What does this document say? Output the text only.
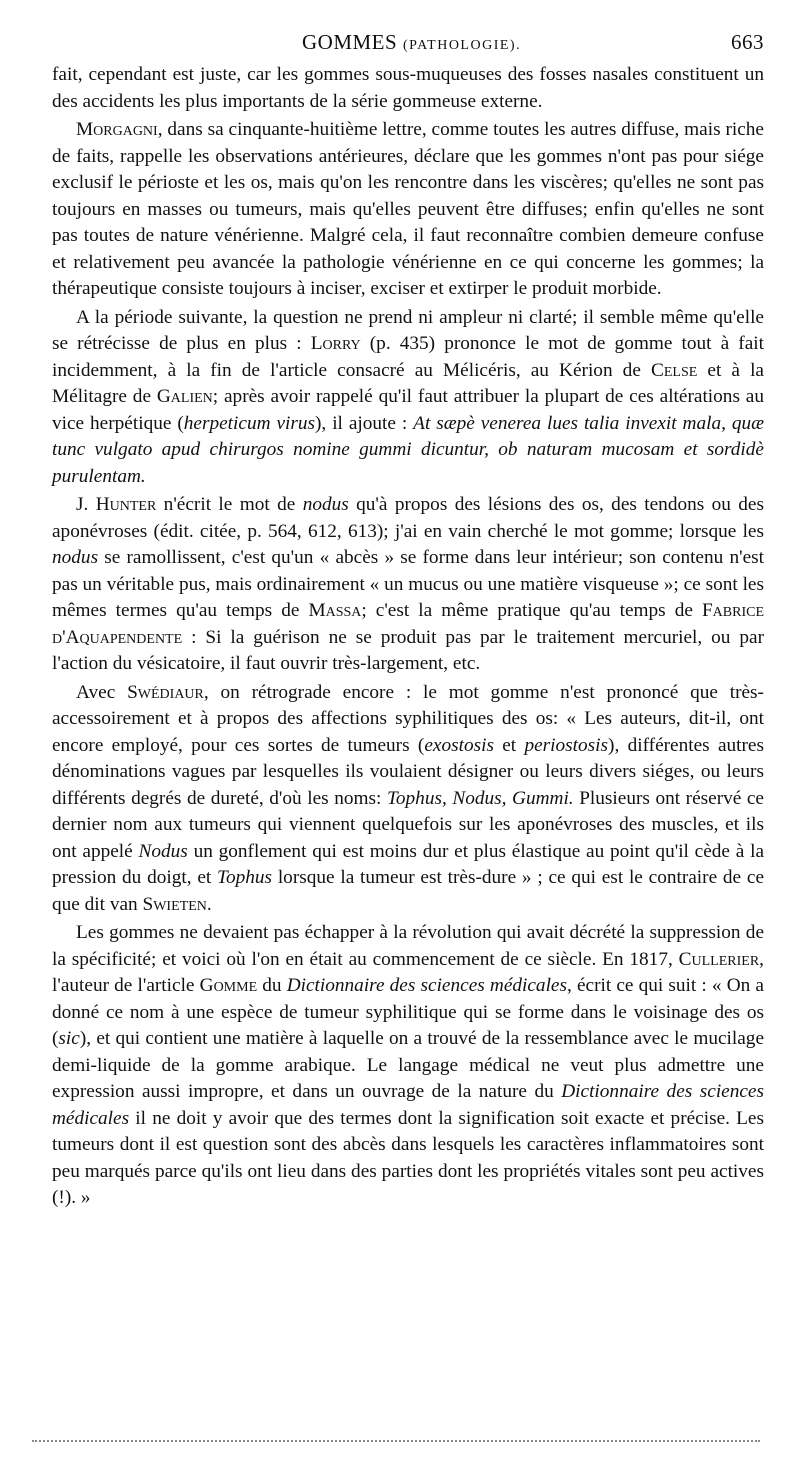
GOMMES (PATHOLOGIE).	663

fait, cependant est juste, car les gommes sous-muqueuses des fosses nasales constituent un des accidents les plus importants de la série gommeuse externe.

Morgagni, dans sa cinquante-huitième lettre, comme toutes les autres diffuse, mais riche de faits, rappelle les observations antérieures, déclare que les gommes n'ont pas pour siége exclusif le périoste et les os, mais qu'on les rencontre dans les viscères; qu'elles ne sont pas toujours en masses ou tumeurs, mais qu'elles peuvent être diffuses; enfin qu'elles ne sont pas toutes de nature vénérienne. Malgré cela, il faut reconnaître combien demeure confuse et relativement peu avancée la pathologie vénérienne en ce qui concerne les gommes; la thérapeutique consiste toujours à inciser, exciser et extirper le produit morbide.

A la période suivante, la question ne prend ni ampleur ni clarté; il semble même qu'elle se rétrécisse de plus en plus : Lorry (p. 435) prononce le mot de gomme tout à fait incidemment, à la fin de l'article consacré au Mélicéris, au Kérion de Celse et à la Mélitagre de Galien; après avoir rappelé qu'il faut attribuer la plupart de ces altérations au vice herpétique (herpeticum virus), il ajoute : At sæpè venerea lues talia invexit mala, quæ tunc vulgato apud chirurgos nomine gummi dicuntur, ob naturam mucosam et sordidè purulentam.

J. Hunter n'écrit le mot de nodus qu'à propos des lésions des os, des tendons ou des aponévroses (édit. citée, p. 564, 612, 613); j'ai en vain cherché le mot gomme; lorsque les nodus se ramollissent, c'est qu'un « abcès » se forme dans leur intérieur; son contenu n'est pas un véritable pus, mais ordinairement « un mucus ou une matière visqueuse »; ce sont les mêmes termes qu'au temps de Massa; c'est la même pratique qu'au temps de Fabrice d'Aquapendente : Si la guérison ne se produit pas par le traitement mercuriel, ou par l'action du vésicatoire, il faut ouvrir très-largement, etc.

Avec Swédiaur, on rétrograde encore : le mot gomme n'est prononcé que très-accessoirement et à propos des affections syphilitiques des os: « Les auteurs, dit-il, ont encore employé, pour ces sortes de tumeurs (exostosis et periostosis), différentes autres dénominations vagues par lesquelles ils voulaient désigner ou leurs divers siéges, ou leurs différents degrés de dureté, d'où les noms: Tophus, Nodus, Gummi. Plusieurs ont réservé ce dernier nom aux tumeurs qui viennent quelquefois sur les aponévroses des muscles, et ils ont appelé Nodus un gonflement qui est moins dur et plus élastique au point qu'il cède à la pression du doigt, et Tophus lorsque la tumeur est très-dure » ; ce qui est le contraire de ce que dit van Swieten.

Les gommes ne devaient pas échapper à la révolution qui avait décrété la suppression de la spécificité; et voici où l'on en était au commencement de ce siècle. En 1817, Cullerier, l'auteur de l'article Gomme du Dictionnaire des sciences médicales, écrit ce qui suit : « On a donné ce nom à une espèce de tumeur syphilitique qui se forme dans le voisinage des os (sic), et qui contient une matière à laquelle on a trouvé de la ressemblance avec le mucilage demi-liquide de la gomme arabique. Le langage médical ne veut plus admettre une expression aussi impropre, et dans un ouvrage de la nature du Dictionnaire des sciences médicales il ne doit y avoir que des termes dont la signification soit exacte et précise. Les tumeurs dont il est question sont des abcès dans lesquels les caractères inflammatoires sont peu marqués parce qu'ils ont lieu dans des parties dont les propriétés vitales sont peu actives (!). »
